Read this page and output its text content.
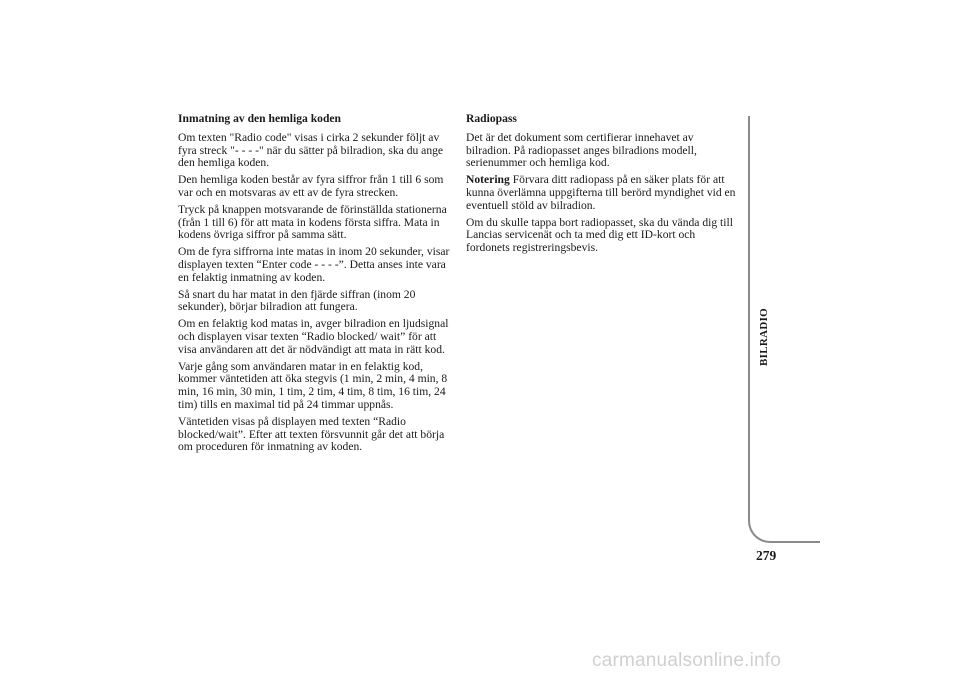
Inmatning av den hemliga koden
Om texten "Radio code" visas i cirka 2 sekunder följt av fyra streck "- - - -" när du sätter på bilradion, ska du ange den hemliga koden.
Den hemliga koden består av fyra siffror från 1 till 6 som var och en motsvaras av ett av de fyra strecken.
Tryck på knappen motsvarande de förinställda stationerna (från 1 till 6) för att mata in kodens första siffra. Mata in kodens övriga siffror på samma sätt.
Om de fyra siffrorna inte matas in inom 20 sekunder, visar displayen texten “Enter code - - - -”. Detta anses inte vara en felaktig inmatning av koden.
Så snart du har matat in den fjärde siffran (inom 20 sekunder), börjar bilradion att fungera.
Om en felaktig kod matas in, avger bilradion en ljudsignal och displayen visar texten “Radio blocked/ wait” för att visa användaren att det är nödvändigt att mata in rätt kod.
Varje gång som användaren matar in en felaktig kod, kommer väntetiden att öka stegvis (1 min, 2 min, 4 min, 8 min, 16 min, 30 min, 1 tim, 2 tim, 4 tim, 8 tim, 16 tim, 24 tim) tills en maximal tid på 24 timmar uppnås.
Väntetiden visas på displayen med texten “Radio blocked/wait”. Efter att texten försvunnit går det att börja om proceduren för inmatning av koden.
Radiopass
Det är det dokument som certifierar innehavet av bilradion. På radiopasset anges bilradions modell, serienummer och hemliga kod.
Notering Förvara ditt radiopass på en säker plats för att kunna överlämna uppgifterna till berörd myndighet vid en eventuell stöld av bilradion.
Om du skulle tappa bort radiopasset, ska du vända dig till Lancias servicenät och ta med dig ett ID-kort och fordonets registreringsbevis.
BILRADIO
279
carmanualsonline.info
